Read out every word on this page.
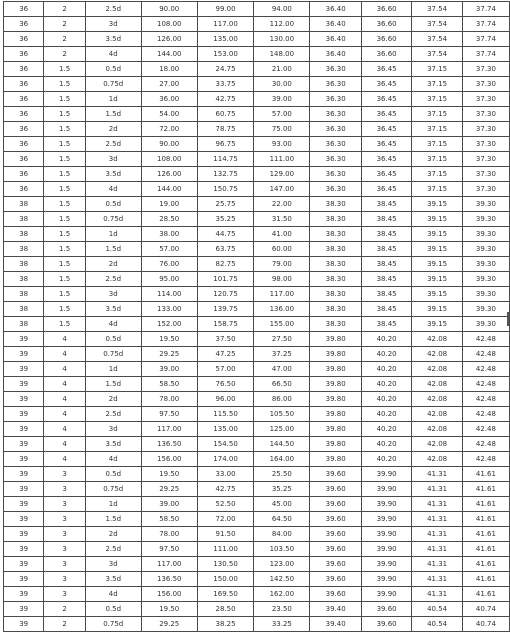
36	2	2.5d	90.00	99.00	94.00	36.40	36.60	37.54	37.74
36	2	3d	108.00	117.00	112.00	36.40	36.60	37.54	37.74
36	2	3.5d	126.00	135.00	130.00	36.40	36.60	37.54	37.74
36	2	4d	144.00	153.00	148.00	36.40	36.60	37.54	37.74
36	1.5	0.5d	18.00	24.75	21.00	36.30	36.45	37.15	37.30
36	1.5	0.75d	27.00	33.75	30.00	36.30	36.45	37.15	37.30
36	1.5	1d	36.00	42.75	39.00	36.30	36.45	37.15	37.30
36	1.5	1.5d	54.00	60.75	57.00	36.30	36.45	37.15	37.30
36	1.5	2d	72.00	78.75	75.00	36.30	36.45	37.15	37.30
36	1.5	2.5d	90.00	96.75	93.00	36.30	36.45	37.15	37.30
36	1.5	3d	108.00	114.75	111.00	36.30	36.45	37.15	37.30
36	1.5	3.5d	126.00	132.75	129.00	36.30	36.45	37.15	37.30
36	1.5	4d	144.00	150.75	147.00	36.30	36.45	37.15	37.30
38	1.5	0.5d	19.00	25.75	22.00	38.30	38.45	39.15	39.30
38	1.5	0.75d	28.50	35.25	31.50	38.30	38.45	39.15	39.30
38	1.5	1d	38.00	44.75	41.00	38.30	38.45	39.15	39.30
38	1.5	1.5d	57.00	63.75	60.00	38.30	38.45	39.15	39.30
38	1.5	2d	76.00	82.75	79.00	38.30	38.45	39.15	39.30
38	1.5	2.5d	95.00	101.75	98.00	38.30	38.45	39.15	39.30
38	1.5	3d	114.00	120.75	117.00	38.30	38.45	39.15	39.30
38	1.5	3.5d	133.00	139.75	136.00	38.30	38.45	39.15	39.30
38	1.5	4d	152.00	158.75	155.00	38.30	38.45	39.15	39.30
39	4	0.5d	19.50	37.50	27.50	39.80	40.20	42.08	42.48
39	4	0.75d	29.25	47.25	37.25	39.80	40.20	42.08	42.48
39	4	1d	39.00	57.00	47.00	39.80	40.20	42.08	42.48
39	4	1.5d	58.50	76.50	66.50	39.80	40.20	42.08	42.48
39	4	2d	78.00	96.00	86.00	39.80	40.20	42.08	42.48
39	4	2.5d	97.50	115.50	105.50	39.80	40.20	42.08	42.48
39	4	3d	117.00	135.00	125.00	39.80	40.20	42.08	42.48
39	4	3.5d	136.50	154.50	144.50	39.80	40.20	42.08	42.48
39	4	4d	156.00	174.00	164.00	39.80	40.20	42.08	42.48
39	3	0.5d	19.50	33.00	25.50	39.60	39.90	41.31	41.61
39	3	0.75d	29.25	42.75	35.25	39.60	39.90	41.31	41.61
39	3	1d	39.00	52.50	45.00	39.60	39.90	41.31	41.61
39	3	1.5d	58.50	72.00	64.50	39.60	39.90	41.31	41.61
39	3	2d	78.00	91.50	84.00	39.60	39.90	41.31	41.61
39	3	2.5d	97.50	111.00	103.50	39.60	39.90	41.31	41.61
39	3	3d	117.00	130.50	123.00	39.60	39.90	41.31	41.61
39	3	3.5d	136.50	150.00	142.50	39.60	39.90	41.31	41.61
39	3	4d	156.00	169.50	162.00	39.60	39.90	41.31	41.61
39	2	0.5d	19.50	28.50	23.50	39.40	39.60	40.54	40.74
39	2	0.75d	29.25	38.25	33.25	39.40	39.60	40.54	40.74
